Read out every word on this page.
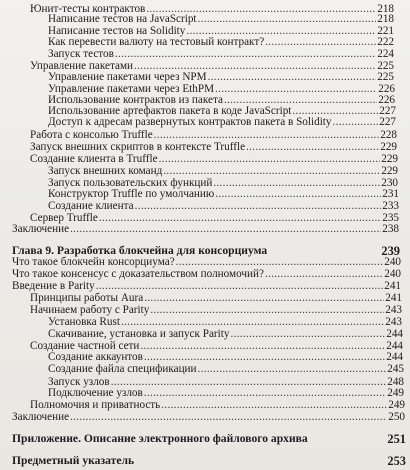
Юнит-тесты контрактов .....	218
Написание тестов на JavaScript .....	218
Написание тестов на Solidity .....	221
Как перевести валюту на тестовый контракт? .....	222
Запуск тестов .....	224
Управление пакетами .....	225
Управление пакетами через NPM .....	225
Управление пакетами через EthPM .....	226
Использование контрактов из пакета .....	226
Использование артефактов пакета в коде JavaScript .....	227
Доступ к адресам развернутых контрактов пакета в Solidity .....	227
Работа с консолью Truffle .....	228
Запуск внешних скриптов в контексте Truffle .....	229
Создание клиента в Truffle .....	229
Запуск внешних команд .....	229
Запуск пользовательских функций .....	230
Конструктор Truffle по умолчанию .....	231
Создание клиента .....	233
Сервер Truffle .....	235
Заключение .....	238
Глава 9. Разработка блокчейна для консорциума	239
Что такое блокчейн консорциума? .....	240
Что такое консенсус с доказательством полномочий? .....	240
Введение в Parity .....	241
Принципы работы Aura .....	241
Начинаем работу с Parity .....	243
Установка Rust .....	243
Скачивание, установка и запуск Parity .....	244
Создание частной сети .....	244
Создание аккаунтов .....	244
Создание файла спецификации .....	245
Запуск узлов .....	248
Подключение узлов .....	249
Полномочия и приватность .....	249
Заключение .....	250
Приложение. Описание электронного файлового архива	251
Предметный указатель	253
